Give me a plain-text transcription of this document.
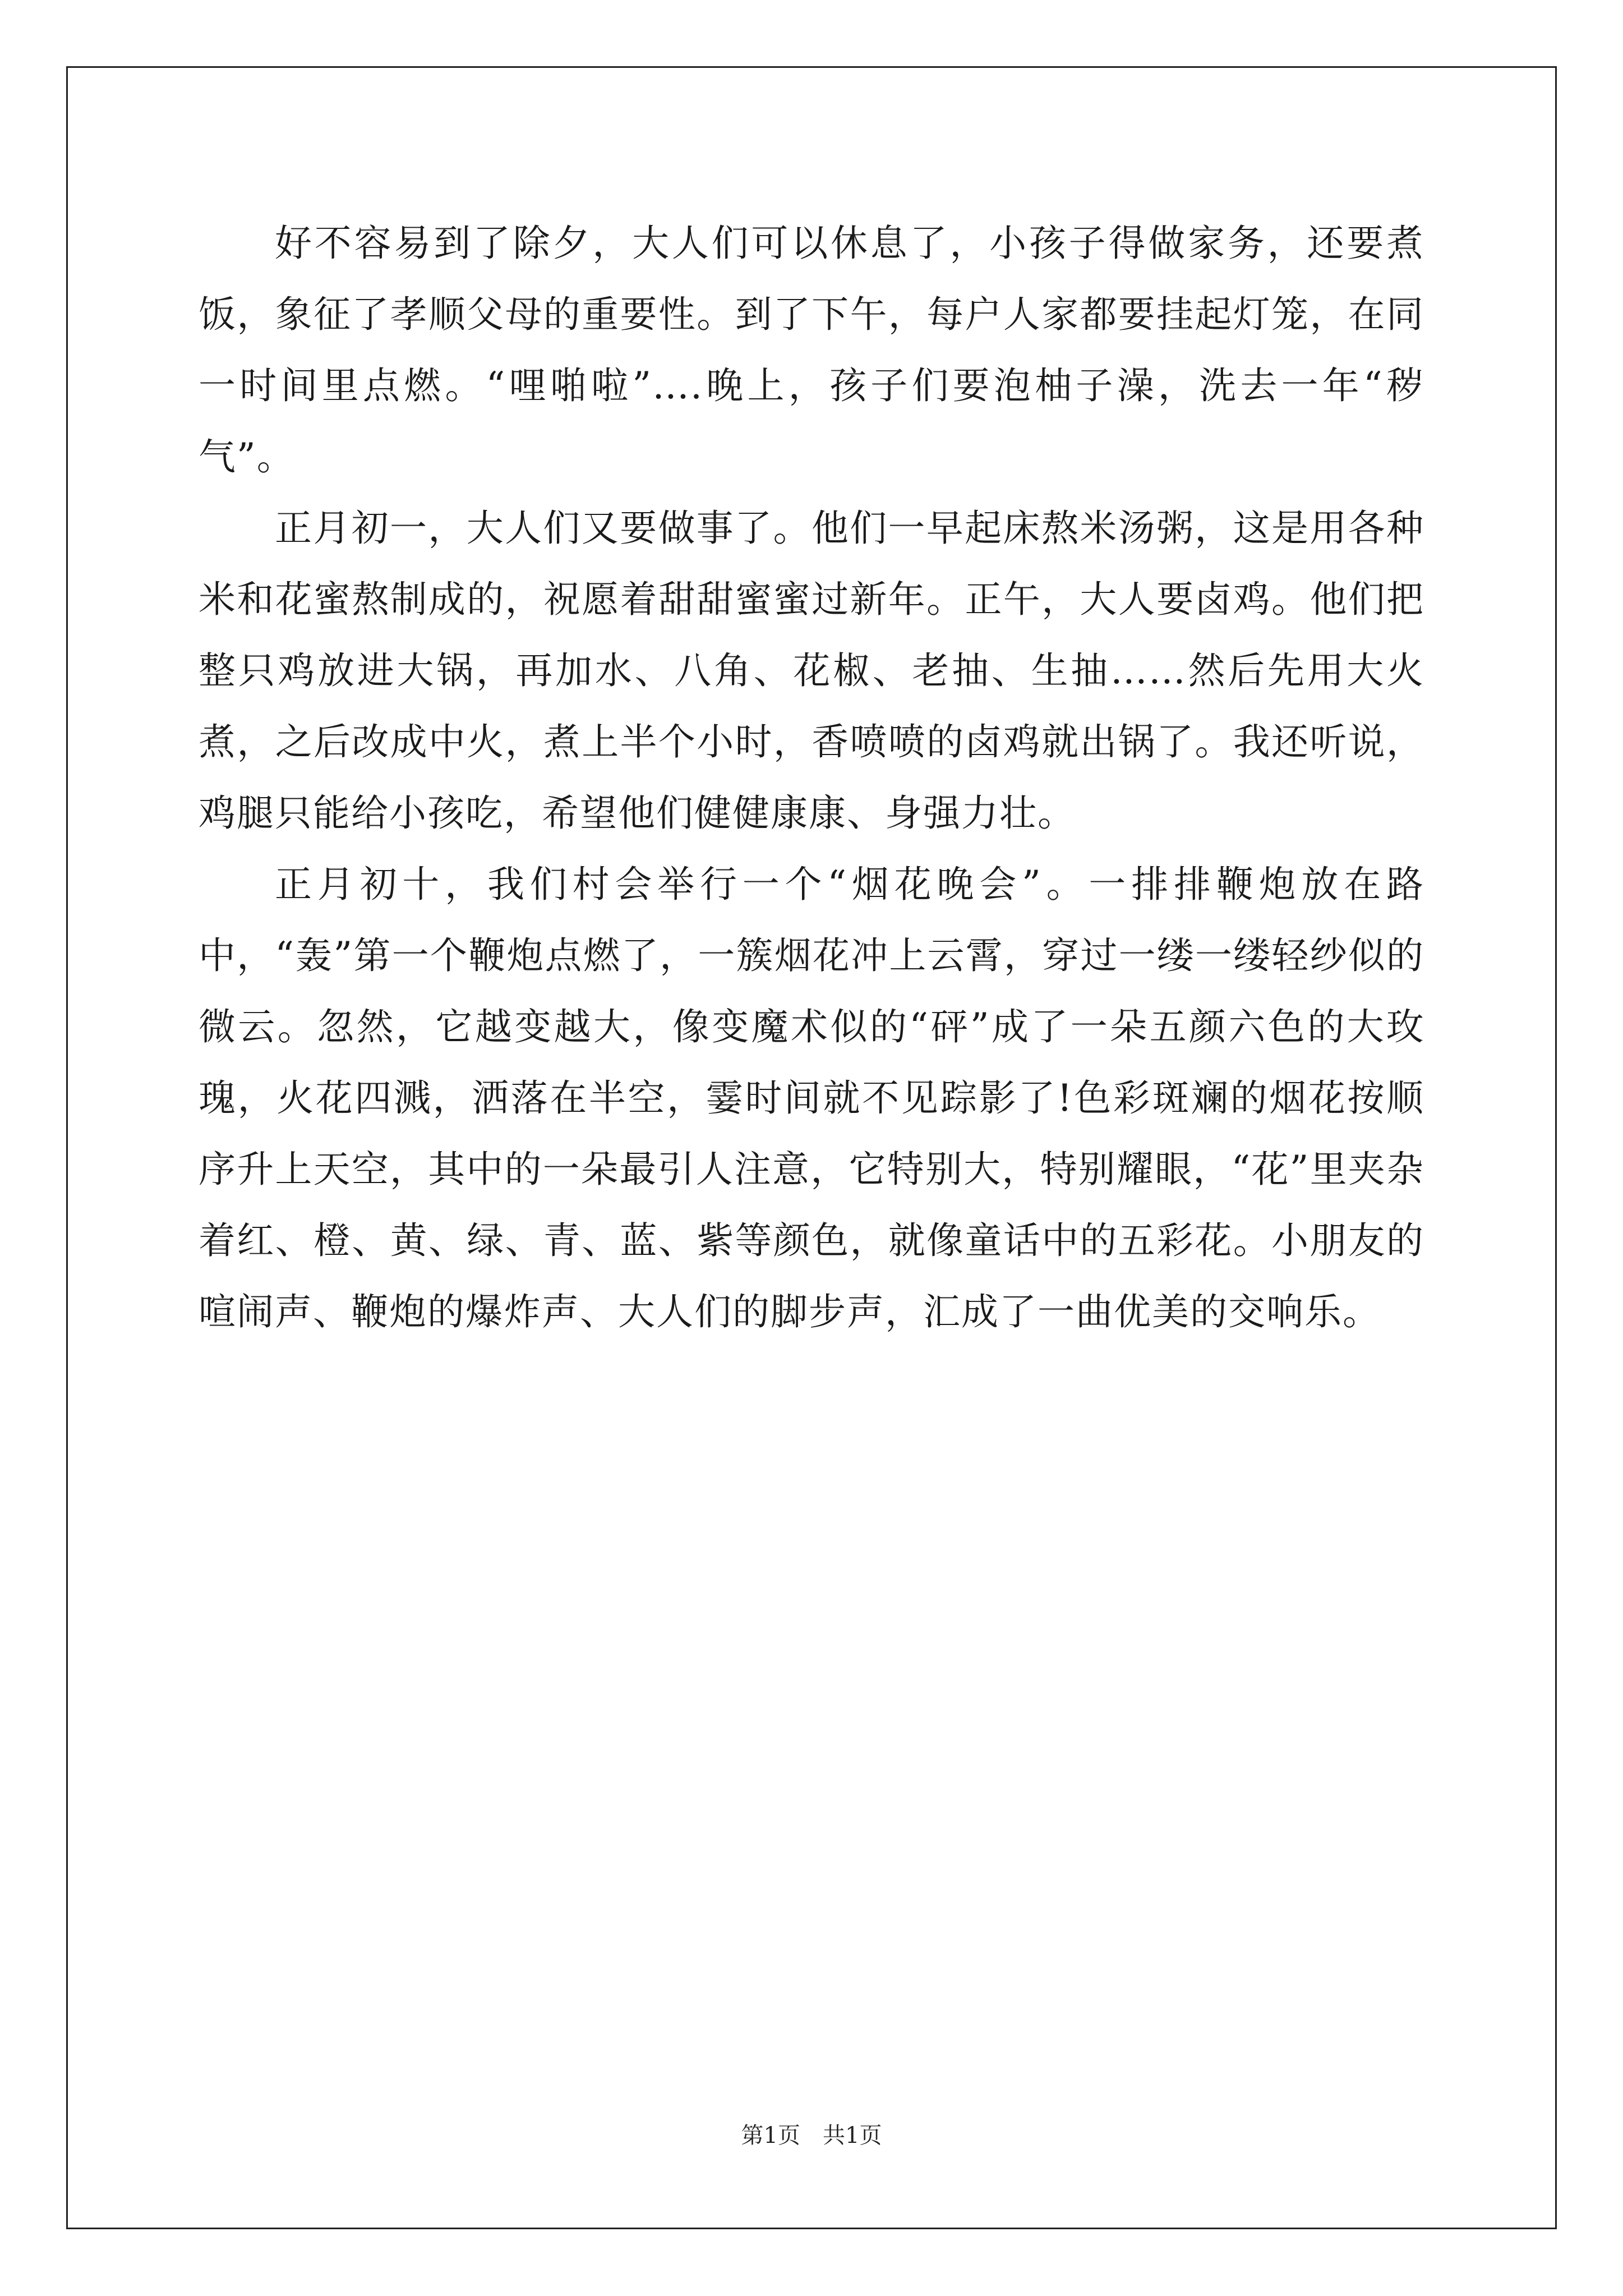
好不容易到了除夕，大人们可以休息了，小孩子得做家务，还要煮饭，象征了孝顺父母的重要性。到了下午，每户人家都要挂起灯笼，在同一时间里点燃。“哩啪啦”….晚上，孩子们要泡柚子澡，洗去一年“秽气”。

正月初一，大人们又要做事了。他们一早起床熬米汤粥，这是用各种米和花蜜熬制成的，祝愿着甜甜蜜蜜过新年。正午，大人要卤鸡。他们把整只鸡放进大锅，再加水、八角、花椒、老抽、生抽……然后先用大火煮，之后改成中火，煮上半个小时，香喷喷的卤鸡就出锅了。我还听说，鸡腿只能给小孩吃，希望他们健健康康、身强力壮。

正月初十，我们村会举行一个“烟花晚会”。一排排鞭炮放在路中，“轰”第一个鞭炮点燃了，一簇烟花冲上云霄，穿过一缕一缕轻纱似的微云。忽然，它越变越大，像变魔术似的“砰”成了一朵五颜六色的大玫瑰，火花四溅，洒落在半空，霎时间就不见踪影了!色彩斑斓的烟花按顺序升上天空，其中的一朵最引人注意，它特别大，特别耀眼，“花”里夹杂着红、橙、黄、绿、青、蓝、紫等颜色，就像童话中的五彩花。小朋友的喧闹声、鞭炮的爆炸声、大人们的脚步声，汇成了一曲优美的交响乐。

第1页　共1页
